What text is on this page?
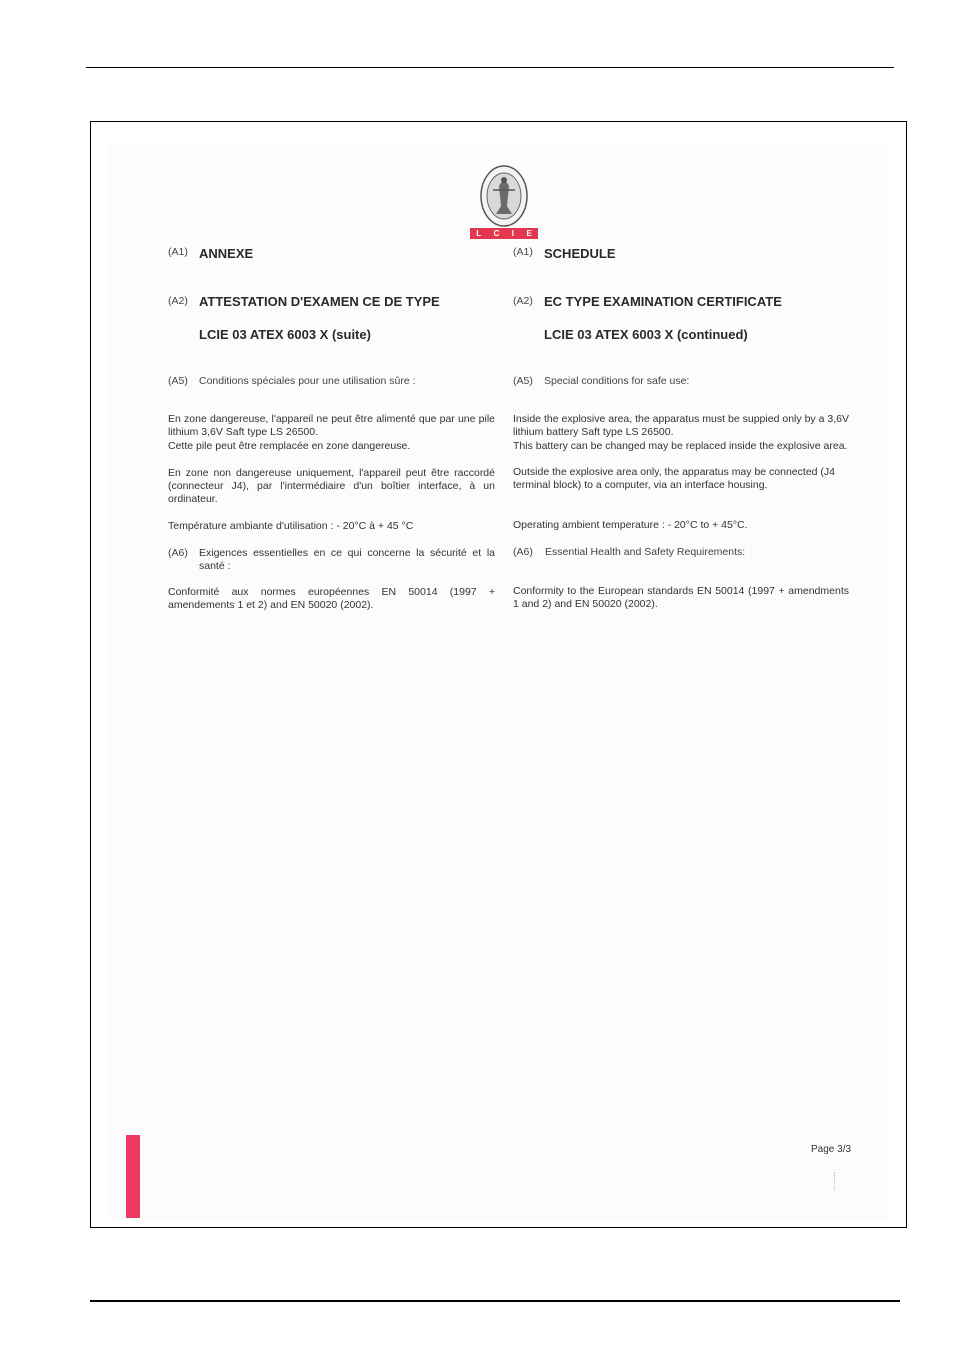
L C I E
(A1) ANNEXE
(A2) ATTESTATION D'EXAMEN CE DE TYPE
LCIE 03 ATEX 6003 X (suite)
(A5) Conditions spéciales pour une utilisation sûre :
En zone dangereuse, l'appareil ne peut être alimenté que par une pile lithium 3,6V Saft type LS 26500.
Cette pile peut être remplacée en zone dangereuse.
En zone non dangereuse uniquement, l'appareil peut être raccordé (connecteur J4), par l'intermédiaire d'un boîtier interface, à un ordinateur.
Température ambiante d'utilisation : - 20°C à + 45 °C
(A6) Exigences essentielles en ce qui concerne la sécurité et la santé :
Conformité aux normes européennes EN 50014 (1997 + amendements 1 et 2) and EN 50020 (2002).
(A1) SCHEDULE
(A2) EC TYPE EXAMINATION CERTIFICATE
LCIE 03 ATEX 6003 X (continued)
(A5) Special conditions for safe use:
Inside the explosive area, the apparatus must be suppied only by a 3,6V lithium battery Saft type LS 26500.
This battery can be changed may be replaced inside the explosive area.
Outside the explosive area only, the apparatus may be connected (J4 terminal block) to a computer, via an interface housing.
Operating ambient temperature : - 20°C to + 45°C.
(A6) Essential Health and Safety Requirements:
Conformity to the European standards EN 50014 (1997 + amendments 1 and 2) and EN 50020 (2002).
Page 3/3
